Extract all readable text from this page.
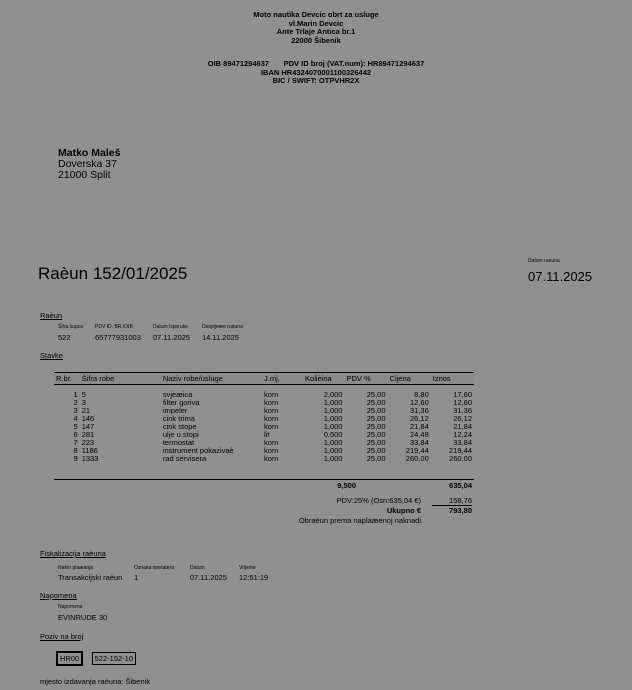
Moto nautika Devcic obrt za usluge
vl.Marin Devcic
Ante Trlaje Antica br.1
22000 Šibenik
OIB 89471294637 PDV ID broj (VAT.num): HR89471294637
IBAN HR4324070001100326442
BIC / SWIFT: OTPVHR2X
Matko Maleš
Doverska 37
21000 Split
Raèun 152/01/2025
Datum raèuna
07.11.2025
Raèun
Šifra kupca PDV ID. BR./OIB	Datum isporuke	Dospijeæe raèuna
522	65777931003 07.11.2025 14.11.2025
Stavke
R.br.	Šifra robe	Naziv robe/usluge	J.mj.	Kolièina	PDV %	Cijena	Iznos
1	5	svjeæica	kom	2,000	25,00	8,80	17,60
2	3	filter goriva	kom	1,000	25,00	12,60	12,60
3	21	impeler	kom	1,000	25,00	31,36	31,36
4	146	cink trima	kom	1,000	25,00	26,12	26,12
5	147	cink stope	kom	1,000	25,00	21,84	21,84
6	281	ulje u stopi	lit	0,500	25,00	24,48	12,24
7	223	termostat	kom	1,000	25,00	33,84	33,84
8	1186	instrument pokazivaè	kom	1,000	25,00	219,44	219,44
9	1333	rad servisera	kom	1,000	25,00	260,00	260,00
9,500	635,04
PDV:25% (Osn:635,04 €)	158,76
Ukupno €	793,80
Obraèun prema naplaæenoj naknadi
Fiskalizacija raèuna
Naèin plaæanja	Oznaka operatera	Datum	Vrijeme
Transakcijski raèun 1	07.11.2025 12:51:19
Napomena
Napomena
EVINRUDE 30
Poziv na broj
HR00 522-152-10
mjesto izdavanja raèuna: Šibenik
